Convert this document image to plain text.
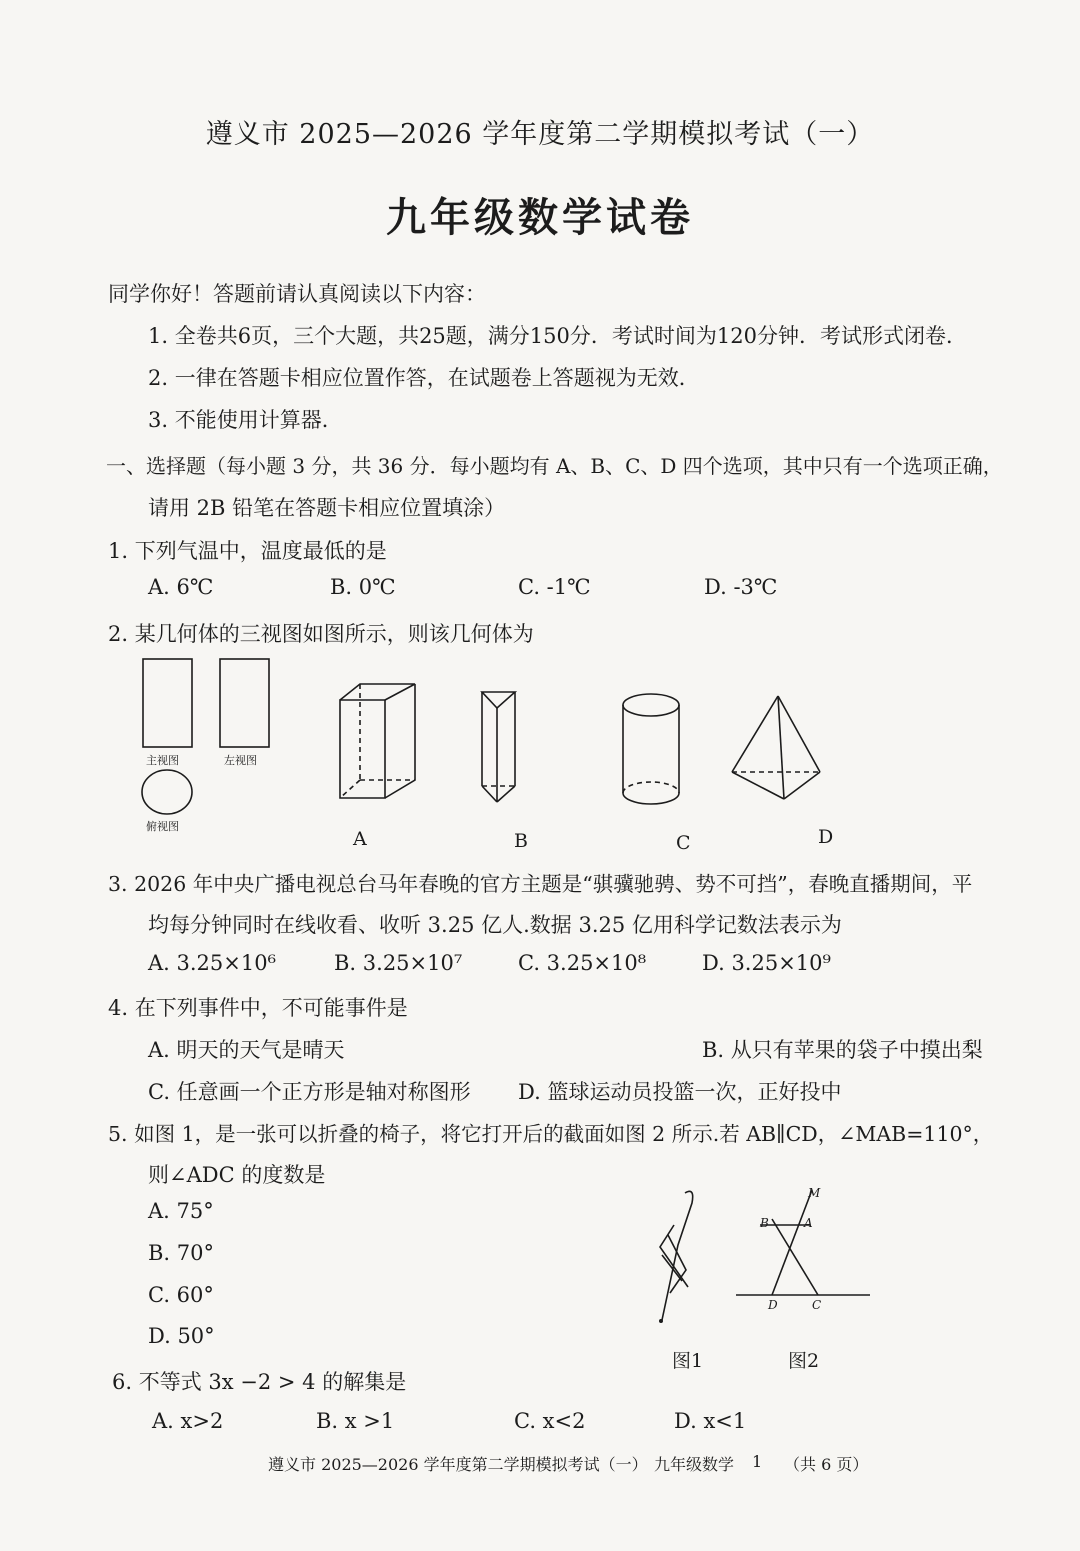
遵义市 2025—2026 学年度第二学期模拟考试（一）
九年级数学试卷
同学你好！答题前请认真阅读以下内容：
1. 全卷共6页，三个大题，共25题，满分150分．考试时间为120分钟．考试形式闭卷．
2. 一律在答题卡相应位置作答，在试题卷上答题视为无效．
3. 不能使用计算器．
一、选择题（每小题 3 分，共 36 分．每小题均有 A、B、C、D 四个选项，其中只有一个选项正确，
请用 2B 铅笔在答题卡相应位置填涂）
1. 下列气温中，温度最低的是
A. 6℃	B. 0℃	C. -1℃	D. -3℃
2. 某几何体的三视图如图所示，则该几何体为
主视图	左视图
俯视图
A	B	C	D
3. 2026 年中央广播电视总台马年春晚的官方主题是“骐骥驰骋、势不可挡”，春晚直播期间，平
均每分钟同时在线收看、收听 3.25 亿人.数据 3.25 亿用科学记数法表示为
A. 3.25×10⁶	B. 3.25×10⁷	C. 3.25×10⁸	D. 3.25×10⁹
4. 在下列事件中，不可能事件是
A. 明天的天气是晴天	B. 从只有苹果的袋子中摸出梨
C. 任意画一个正方形是轴对称图形 D. 篮球运动员投篮一次，正好投中
5. 如图 1，是一张可以折叠的椅子，将它打开后的截面如图 2 所示.若 AB∥CD，∠MAB=110°，
则∠ADC 的度数是
A. 75°
B. 70°
C. 60°
D. 50°
M
B	A
D	C
图1	图2
6. 不等式 3x −2 > 4 的解集是
A. x>2	B. x >1	C. x<2	D. x<1
遵义市 2025—2026 学年度第二学期模拟考试（一） 九年级数学 1 （共 6 页）
